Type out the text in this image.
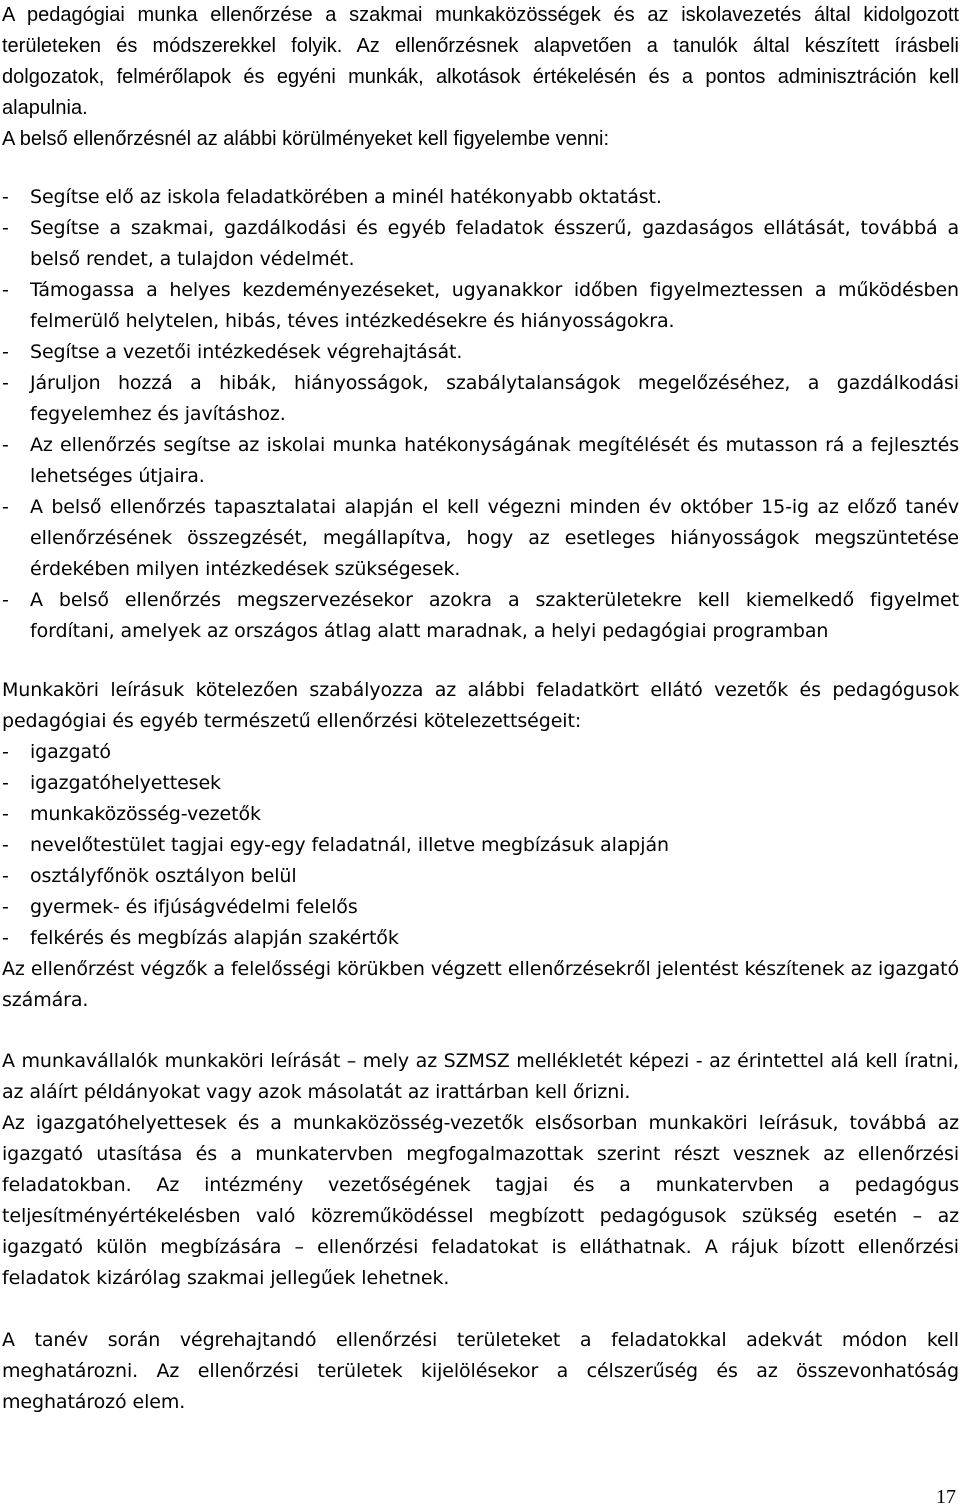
A pedagógiai munka ellenőrzése a szakmai munkaközösségek és az iskolavezetés által kidolgozott területeken és módszerekkel folyik. Az ellenőrzésnek alapvetően a tanulók által készített írásbeli dolgozatok, felmérőlapok és egyéni munkák, alkotások értékelésén és a pontos adminisztráción kell alapulnia.

A belső ellenőrzésnél az alábbi körülményeket kell figyelembe venni:

- Segítse elő az iskola feladatkörében a minél hatékonyabb oktatást.
- Segítse a szakmai, gazdálkodási és egyéb feladatok ésszerű, gazdaságos ellátását, továbbá a belső rendet, a tulajdon védelmét.
- Támogassa a helyes kezdeményezéseket, ugyanakkor időben figyelmeztessen a működésben felmerülő helytelen, hibás, téves intézkedésekre és hiányosságokra.
- Segítse a vezetői intézkedések végrehajtását.
- Járuljon hozzá a hibák, hiányosságok, szabálytalanságok megelőzéséhez, a gazdálkodási fegyelemhez és javításhoz.
- Az ellenőrzés segítse az iskolai munka hatékonyságának megítélését és mutasson rá a fejlesztés lehetséges útjaira.
- A belső ellenőrzés tapasztalatai alapján el kell végezni minden év október 15-ig az előző tanév ellenőrzésének összegzését, megállapítva, hogy az esetleges hiányosságok megszüntetése érdekében milyen intézkedések szükségesek.
- A belső ellenőrzés megszervezésekor azokra a szakterületekre kell kiemelkedő figyelmet fordítani, amelyek az országos átlag alatt maradnak, a helyi pedagógiai programban

Munkaköri leírásuk kötelezően szabályozza az alábbi feladatkört ellátó vezetők és pedagógusok pedagógiai és egyéb természetű ellenőrzési kötelezettségeit:

- igazgató
- igazgatóhelyettesek
- munkaközösség-vezetők
- nevelőtestület tagjai egy-egy feladatnál, illetve megbízásuk alapján
- osztályfőnök osztályon belül
- gyermek- és ifjúságvédelmi felelős
- felkérés és megbízás alapján szakértők

Az ellenőrzést végzők a felelősségi körükben végzett ellenőrzésekről jelentést készítenek az igazgató számára.

A munkavállalók munkaköri leírását – mely az SZMSZ mellékletét képezi - az érintettel alá kell íratni, az aláírt példányokat vagy azok másolatát az irattárban kell őrizni.

Az igazgatóhelyettesek és a munkaközösség-vezetők elsősorban munkaköri leírásuk, továbbá az igazgató utasítása és a munkatervben megfogalmazottak szerint részt vesznek az ellenőrzési feladatokban. Az intézmény vezetőségének tagjai és a munkatervben a pedagógus teljesítményértékelésben való közreműködéssel megbízott pedagógusok szükség esetén – az igazgató külön megbízására – ellenőrzési feladatokat is elláthatnak. A rájuk bízott ellenőrzési feladatok kizárólag szakmai jellegűek lehetnek.

A tanév során végrehajtandó ellenőrzési területeket a feladatokkal adekvát módon kell meghatározni. Az ellenőrzési területek kijelölésekor a célszerűség és az összevonhatóság meghatározó elem.

17
